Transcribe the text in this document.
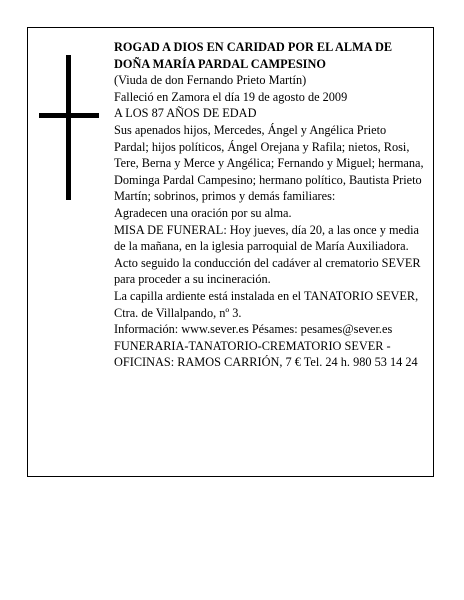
ROGAD A DIOS EN CARIDAD POR EL ALMA DE DOÑA MARÍA PARDAL CAMPESINO

(Viuda de don Fernando Prieto Martín)

Falleció en Zamora el día 19 de agosto de 2009

A LOS 87 AÑOS DE EDAD

Sus apenados hijos, Mercedes, Ángel y Angélica Prieto Pardal; hijos políticos, Ángel Orejana y Rafila; nietos, Rosi, Tere, Berna y Merce y Angélica; Fernando y Miguel; hermana, Dominga Pardal Campesino; hermano político, Bautista Prieto Martín; sobrinos, primos y demás familiares:

Agradecen una oración por su alma.

MISA DE FUNERAL: Hoy jueves, día 20, a las once y media de la mañana, en la iglesia parroquial de María Auxiliadora. Acto seguido la conducción del cadáver al crematorio SEVER para proceder a su incineración.

La capilla ardiente está instalada en el TANATORIO SEVER, Ctra. de Villalpando, nº 3.

Información: www.sever.es Pésames: pesames@sever.es

FUNERARIA-TANATORIO-CREMATORIO SEVER - OFICINAS: RAMOS CARRIÓN, 7 € Tel. 24 h. 980 53 14 24
